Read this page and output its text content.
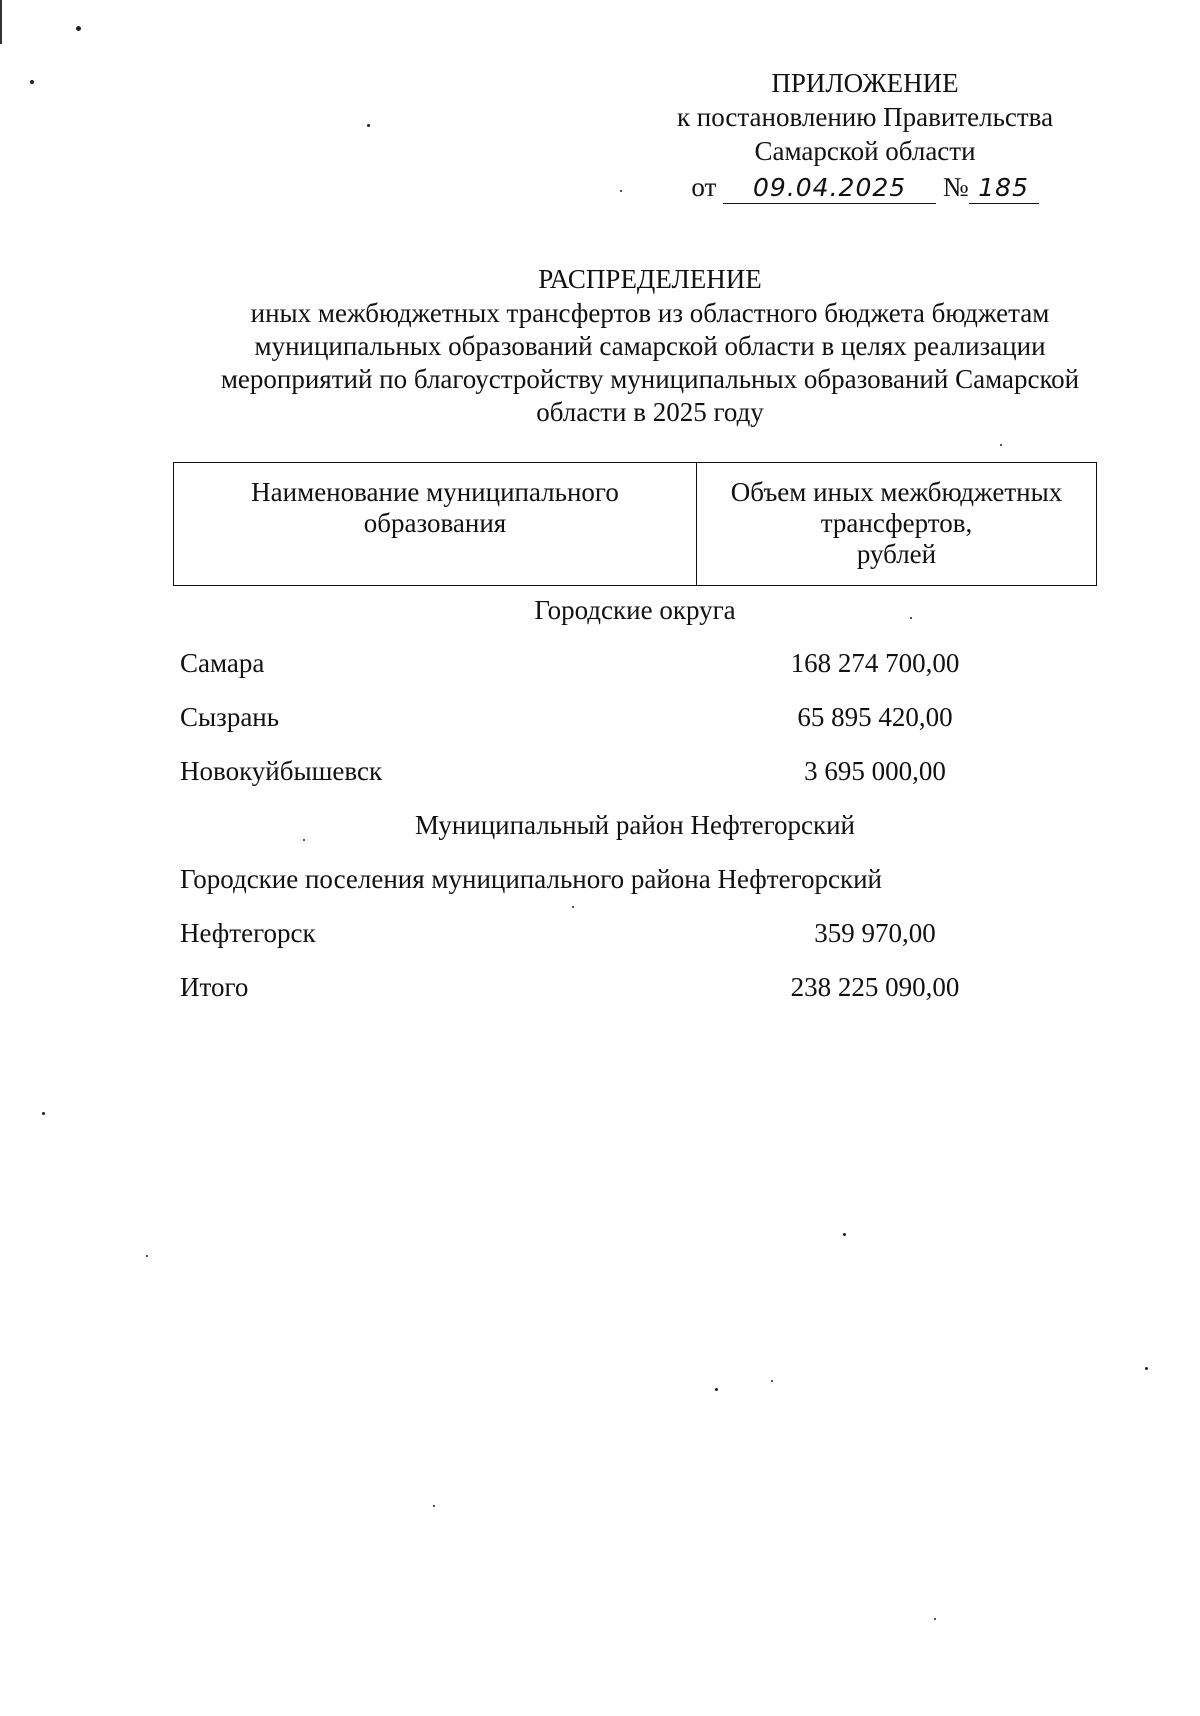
ПРИЛОЖЕНИЕ
к постановлению Правительства
Самарской области
от 09.04.2025 № 185
РАСПРЕДЕЛЕНИЕ
иных межбюджетных трансфертов из областного бюджета бюджетам муниципальных образований самарской области в целях реализации мероприятий по благоустройству муниципальных образований Самарской области в 2025 году
Наименование муниципального образования	Объем иных межбюджетных
трансфертов,
рублей
Городские округа
Самара	168 274 700,00
Сызрань	65 895 420,00
Новокуйбышевск	3 695 000,00
Муниципальный район Нефтегорский
Городские поселения муниципального района Нефтегорский
Нефтегорск	359 970,00
Итого	238 225 090,00
